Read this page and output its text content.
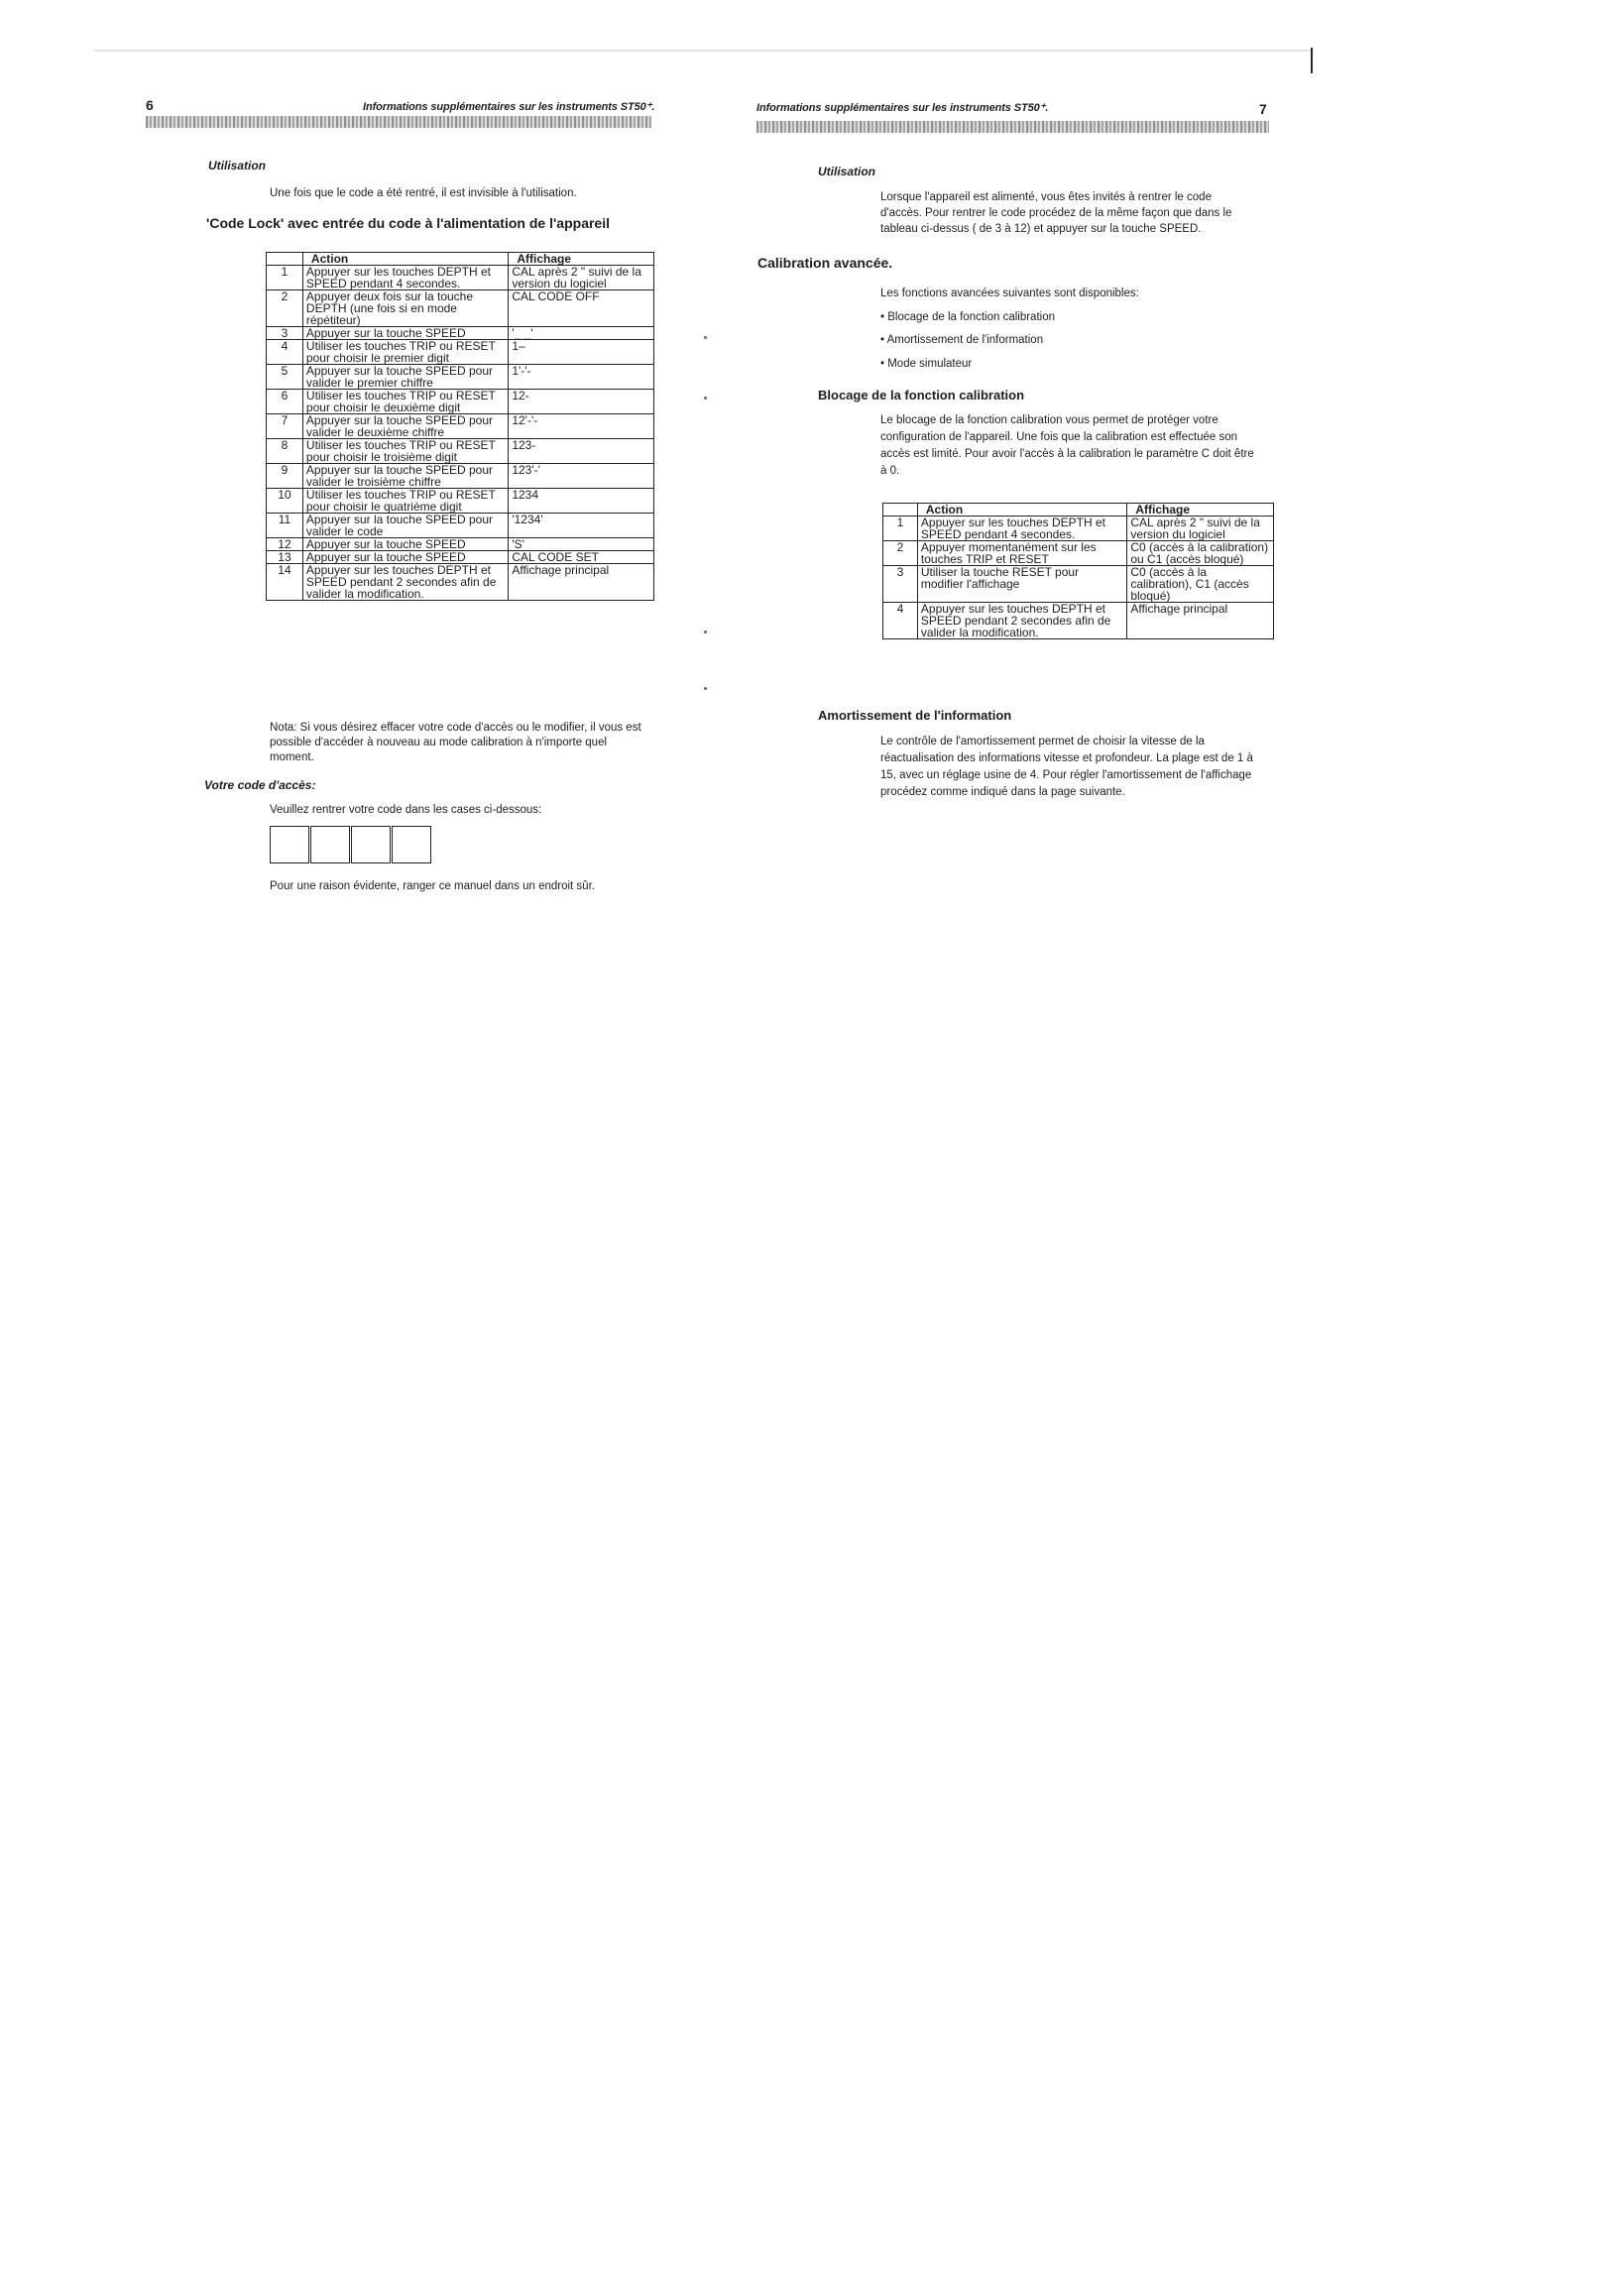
6	Informations supplémentaires sur les instruments ST50⁺.
Utilisation
Une fois que le code a été rentré, il est invisible à l'utilisation.
'Code Lock' avec entrée du code à l'alimentation de l'appareil
	Action	Affichage
1	Appuyer sur les touches DEPTH et SPEED pendant 4 secondes.	CAL après 2 " suivi de la version du logiciel
2	Appuyer deux fois sur la touche DEPTH (une fois si en mode répétiteur)	CAL CODE OFF
3	Appuyer sur la touche SPEED	'_ _'
4	Utiliser les touches TRIP ou RESET pour choisir le premier digit	1–
5	Appuyer sur la touche SPEED pour valider le premier chiffre	1'-'-
6	Utiliser les touches TRIP ou RESET pour choisir le deuxième digit	12-
7	Appuyer sur la touche SPEED pour valider le deuxième chiffre	12'-'-
8	Utiliser les touches TRIP ou RESET pour choisir le troisième digit	123-
9	Appuyer sur la touche SPEED pour valider le troisième chiffre	123'-'
10	Utiliser les touches TRIP ou RESET pour choisir le quatrième digit	1234
11	Appuyer sur la touche SPEED pour valider le code	'1234'
12	Appuyer sur la touche SPEED	'S'
13	Appuyer sur la touche SPEED	CAL CODE SET
14	Appuyer sur les touches DEPTH et SPEED pendant 2 secondes afin de valider la modification.	Affichage principal
Nota: Si vous désirez effacer votre code d'accès ou le modifier, il vous est
possible d'accéder à nouveau au mode calibration à n'importe quel
moment.
Votre code d'accès:
Veuillez rentrer votre code dans les cases ci-dessous:
Pour une raison évidente, ranger ce manuel dans un endroit sûr.
Informations supplémentaires sur les instruments ST50⁺.	7
Utilisation
Lorsque l'appareil est alimenté, vous êtes invités à rentrer le code
d'accès. Pour rentrer le code procédez de la même façon que dans le
tableau ci-dessus ( de 3 à 12) et appuyer sur la touche SPEED.
Calibration avancée.
Les fonctions avancées suivantes sont disponibles:
• Blocage de la fonction calibration
• Amortissement de l'information
• Mode simulateur
Blocage de la fonction calibration
Le blocage de la fonction calibration vous permet de protéger votre
configuration de l'appareil. Une fois que la calibration est effectuée son
accès est limité. Pour avoir l'accès à la calibration le paramètre C doit être
à 0.
	Action	Affichage
1	Appuyer sur les touches DEPTH et SPEED pendant 4 secondes.	CAL après 2 " suivi de la version du logiciel
2	Appuyer momentanément sur les touches TRIP et RESET	C0 (accès à la calibration) ou C1 (accès bloqué)
3	Utiliser la touche RESET pour modifier l'affichage	C0 (accès à la calibration), C1 (accès bloqué)
4	Appuyer sur les touches DEPTH et SPEED pendant 2 secondes afin de valider la modification.	Affichage principal
Amortissement de l'information
Le contrôle de l'amortissement permet de choisir la vitesse de la
réactualisation des informations vitesse et profondeur. La plage est de 1 à
15, avec un réglage usine de 4. Pour régler l'amortissement de l'affichage
procédez comme indiqué dans la page suivante.
